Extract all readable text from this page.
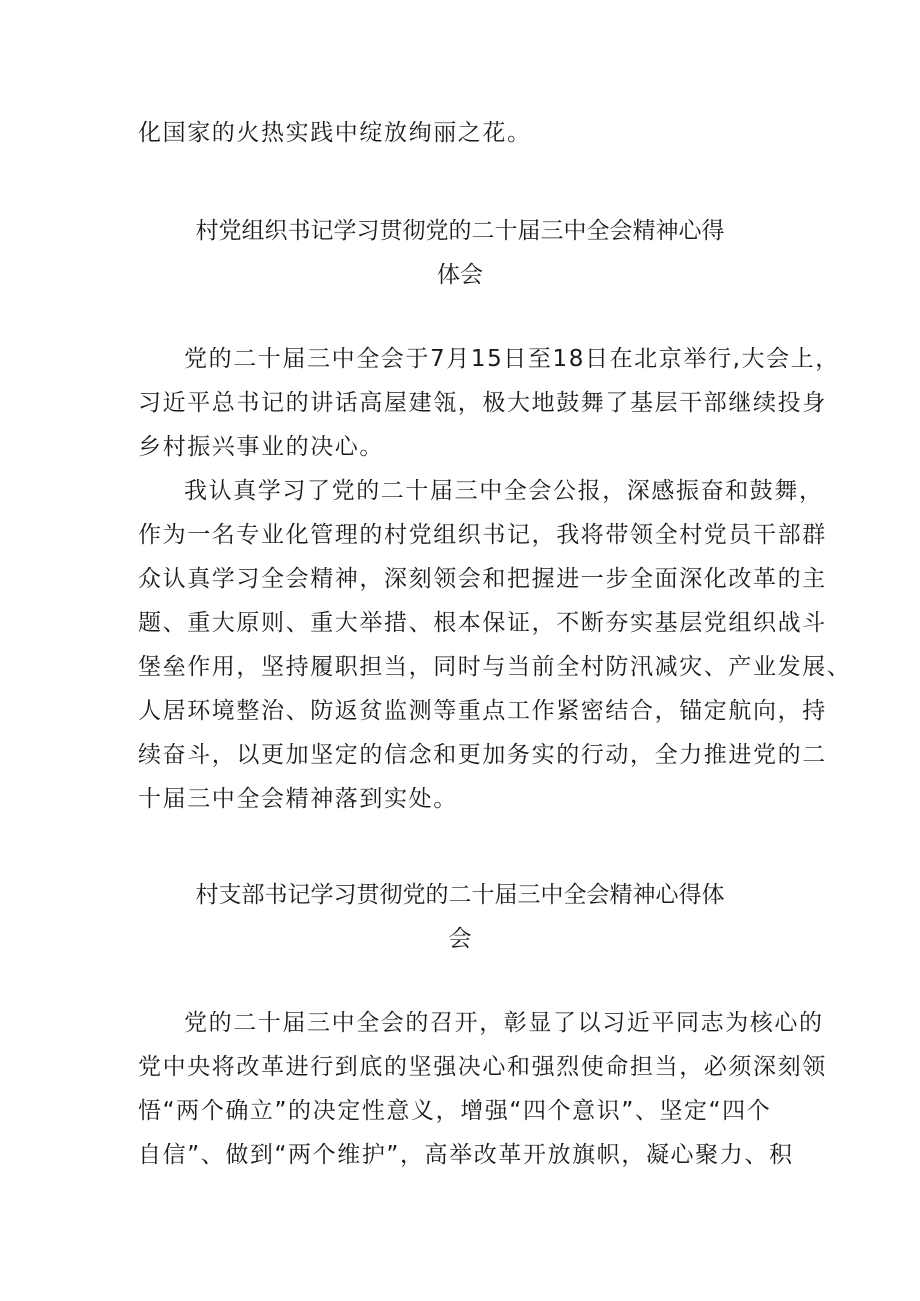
化国家的火热实践中绽放绚丽之花。
村党组织书记学习贯彻党的二十届三中全会精神心得
体会
党的二十届三中全会于7月15日至18日在北京举行,大会上，
习近平总书记的讲话高屋建瓴，极大地鼓舞了基层干部继续投身
乡村振兴事业的决心。
我认真学习了党的二十届三中全会公报，深感振奋和鼓舞，
作为一名专业化管理的村党组织书记，我将带领全村党员干部群
众认真学习全会精神，深刻领会和把握进一步全面深化改革的主
题、重大原则、重大举措、根本保证，不断夯实基层党组织战斗
堡垒作用，坚持履职担当，同时与当前全村防汛减灾、产业发展、
人居环境整治、防返贫监测等重点工作紧密结合，锚定航向，持
续奋斗，以更加坚定的信念和更加务实的行动，全力推进党的二
十届三中全会精神落到实处。
村支部书记学习贯彻党的二十届三中全会精神心得体
会
党的二十届三中全会的召开，彰显了以习近平同志为核心的
党中央将改革进行到底的坚强决心和强烈使命担当，必须深刻领
悟“两个确立”的决定性意义，增强“四个意识”、坚定“四个
自信”、做到“两个维护”，高举改革开放旗帜，凝心聚力、积
